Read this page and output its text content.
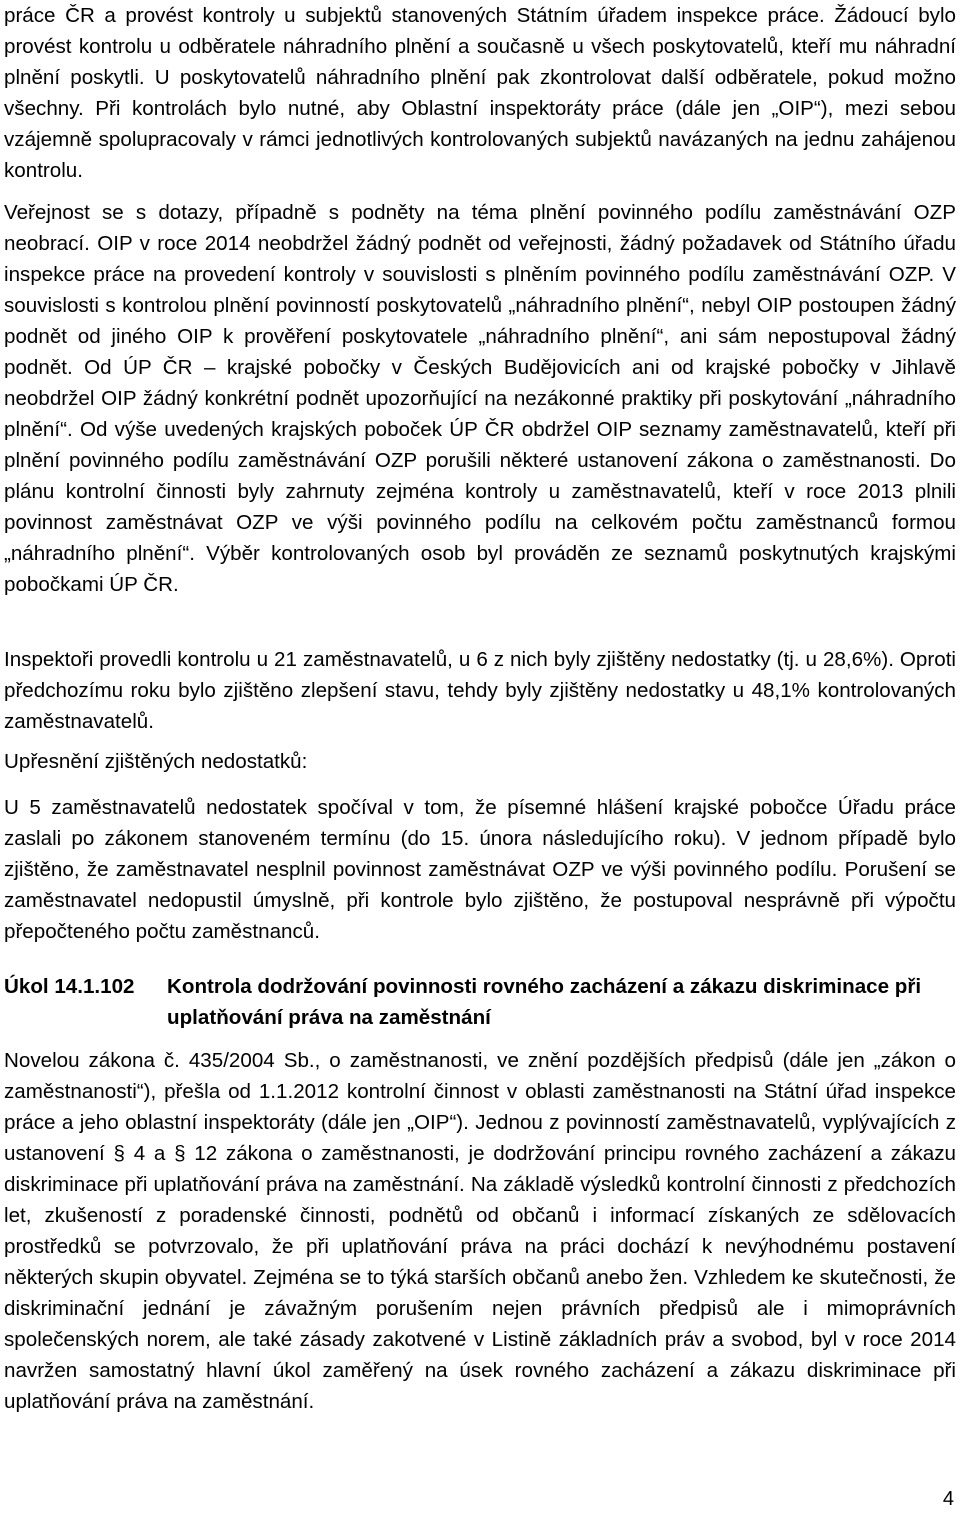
práce ČR a provést kontroly u subjektů stanovených Státním úřadem inspekce práce. Žádoucí bylo provést kontrolu u odběratele náhradního plnění a současně u všech poskytovatelů, kteří mu náhradní plnění poskytli. U poskytovatelů náhradního plnění pak zkontrolovat další odběratele, pokud možno všechny. Při kontrolách bylo nutné, aby Oblastní inspektoráty práce (dále jen „OIP“), mezi sebou vzájemně spolupracovaly v rámci jednotlivých kontrolovaných subjektů navázaných na jednu zahájenou kontrolu.

Veřejnost se s dotazy, případně s podněty na téma plnění povinného podílu zaměstnávání OZP neobrací. OIP v roce 2014 neobdržel žádný podnět od veřejnosti, žádný požadavek od Státního úřadu inspekce práce na provedení kontroly v souvislosti s plněním povinného podílu zaměstnávání OZP. V souvislosti s kontrolou plnění povinností poskytovatelů „náhradního plnění“, nebyl OIP postoupen žádný podnět od jiného OIP k prověření poskytovatele „náhradního plnění“, ani sám nepostupoval žádný podnět. Od ÚP ČR – krajské pobočky v Českých Budějovicích ani od krajské pobočky v Jihlavě neobdržel OIP žádný konkrétní podnět upozorňující na nezákonné praktiky při poskytování „náhradního plnění“. Od výše uvedených krajských poboček ÚP ČR obdržel OIP seznamy zaměstnavatelů, kteří při plnění povinného podílu zaměstnávání OZP porušili některé ustanovení zákona o zaměstnanosti. Do plánu kontrolní činnosti byly zahrnuty zejména kontroly u zaměstnavatelů, kteří v roce 2013 plnili povinnost zaměstnávat OZP ve výši povinného podílu na celkovém počtu zaměstnanců formou „náhradního plnění“. Výběr kontrolovaných osob byl prováděn ze seznamů poskytnutých krajskými pobočkami ÚP ČR.

Inspektoři provedli kontrolu u 21 zaměstnavatelů, u 6 z nich byly zjištěny nedostatky (tj. u 28,6%). Oproti předchozímu roku bylo zjištěno zlepšení stavu, tehdy byly zjištěny nedostatky u 48,1% kontrolovaných zaměstnavatelů.

Upřesnění zjištěných nedostatků:

U 5 zaměstnavatelů nedostatek spočíval v tom, že písemné hlášení krajské pobočce Úřadu práce zaslali po zákonem stanoveném termínu (do 15. února následujícího roku). V jednom případě bylo zjištěno, že zaměstnavatel nesplnil povinnost zaměstnávat OZP ve výši povinného podílu. Porušení se zaměstnavatel nedopustil úmyslně, při kontrole bylo zjištěno, že postupoval nesprávně při výpočtu přepočteného počtu zaměstnanců.

Úkol 14.1.102	Kontrola dodržování povinnosti rovného zacházení a zákazu diskriminace při uplatňování práva na zaměstnání

Novelou zákona č. 435/2004 Sb., o zaměstnanosti, ve znění pozdějších předpisů (dále jen „zákon o zaměstnanosti“), přešla od 1.1.2012 kontrolní činnost v oblasti zaměstnanosti na Státní úřad inspekce práce a jeho oblastní inspektoráty (dále jen „OIP“). Jednou z povinností zaměstnavatelů, vyplývajících z ustanovení § 4 a § 12 zákona o zaměstnanosti, je dodržování principu rovného zacházení a zákazu diskriminace při uplatňování práva na zaměstnání. Na základě výsledků kontrolní činnosti z předchozích let, zkušeností z poradenské činnosti, podnětů od občanů i informací získaných ze sdělovacích prostředků se potvrzovalo, že při uplatňování práva na práci dochází k nevýhodnému postavení některých skupin obyvatel. Zejména se to týká starších občanů anebo žen. Vzhledem ke skutečnosti, že diskriminační jednání je závažným porušením nejen právních předpisů ale i mimoprávních společenských norem, ale také zásady zakotvené v Listině základních práv a svobod, byl v roce 2014 navržen samostatný hlavní úkol zaměřený na úsek rovného zacházení a zákazu diskriminace při uplatňování práva na zaměstnání.

4
